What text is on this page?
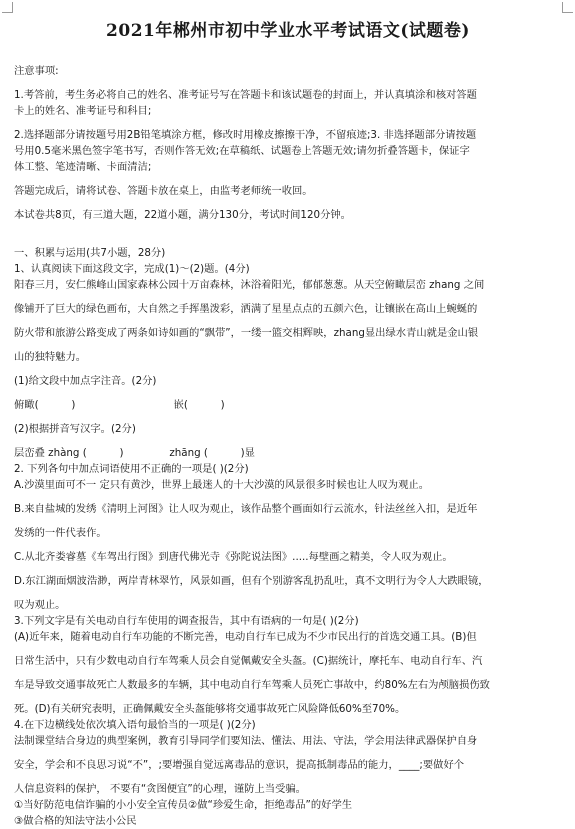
2021年郴州市初中学业水平考试语文(试题卷)
注意事项:
1.考答前，考生务必将自己的姓名、准考证号写在答题卡和该试题卷的封面上，并认真填涂和核对答题
卡上的姓名、准考证号和科目;
2.选择题部分请按题号用2B铅笔填涂方框，修改时用橡皮擦擦干净，不留痕迹;3. 非选择题部分请按题
号用0.5毫米黑色签字笔书写，否则作答无效;在草稿纸、试题卷上答题无效;请勿折叠答题卡，保证字
体工整、笔迹清晰、卡面清洁;
答题完成后，请将试卷、答题卡放在桌上，由监考老师统一收回。
本试卷共8页，有三道大题，22道小题，满分130分，考试时间120分钟。
一、积累与运用(共7小题，28分)
1、认真阅读下面这段文字，完成(1)～(2)题。(4分)
阳春三月，安仁熊峰山国家森林公园十万亩森林，沐浴着阳光，郁郁葱葱。从天空俯瞰层峦 zhang 之间
像铺开了巨大的绿色画布，大自然之手挥墨泼彩，洒满了星星点点的五颜六色，让镶嵌在高山上蜿蜒的
防火带和旅游公路变成了两条如诗如画的“飘带”，一缕一篮交相辉映，zhang显出绿水青山就是金山银
山的独特魅力。
(1)给文段中加点字注音。(2分)
俯瞰(          )                              嵌(          )
(2)根据拼音写汉字。(2分)
层峦叠 zhàng (          )              zhāng (          )显
2. 下列各句中加点词语使用不正确的一项是( )(2分)
A.沙漠里面可不一 定只有黄沙，世界上最迷人的十大沙漠的风景很多时候也让人叹为观止。
B.来自盐城的发绣《清明上河图》让人叹为观止，该作品整个画面如行云流水，针法丝丝入扣，是近年
发绣的一件代表作。
C.从北齐娄睿墓《车驾出行图》到唐代佛光寺《弥陀说法图》.....每壁画之精美，令人叹为观止。
D.东江湖面烟波浩渺，两岸青林翠竹，风景如画，但有个别游客乱扔乱吐，真不文明行为令人大跌眼镜，
叹为观止。
3.下列文字是有关电动自行车使用的调查报告，其中有语病的一句是( )(2分)
(A)近年来，随着电动自行车功能的不断完善，电动自行车已成为不少市民出行的首选交通工具。(B)但
日常生活中，只有少数电动自行车驾乘人员会自觉佩戴安全头盔。(C)据统计，摩托车、电动自行车、汽
车是导致交通事故死亡人数最多的车辆，其中电动自行车驾乘人员死亡事故中，约80%左右为颅脑损伤致
死。(D)有关研究表明，正确佩戴安全头盔能够将交通事故死亡风险降低60%至70%。
4.在下边横线处依次填入语句最恰当的一项是( )(2分)
法制课堂结合身边的典型案例，教育引导同学们要知法、懂法、用法、守法，学会用法律武器保护自身
安全，学会和不良思习说“不”，;要增强自觉远离毒品的意识，提高抵制毒品的能力，____;要做好个
人信息资料的保护， 不要有“贪图便宜”的心理，谨防上当受骗。
①当好防范电信诈骗的小小安全宣传员②做“珍爱生命，拒绝毒品”的好学生
③做合格的知法守法小公民
